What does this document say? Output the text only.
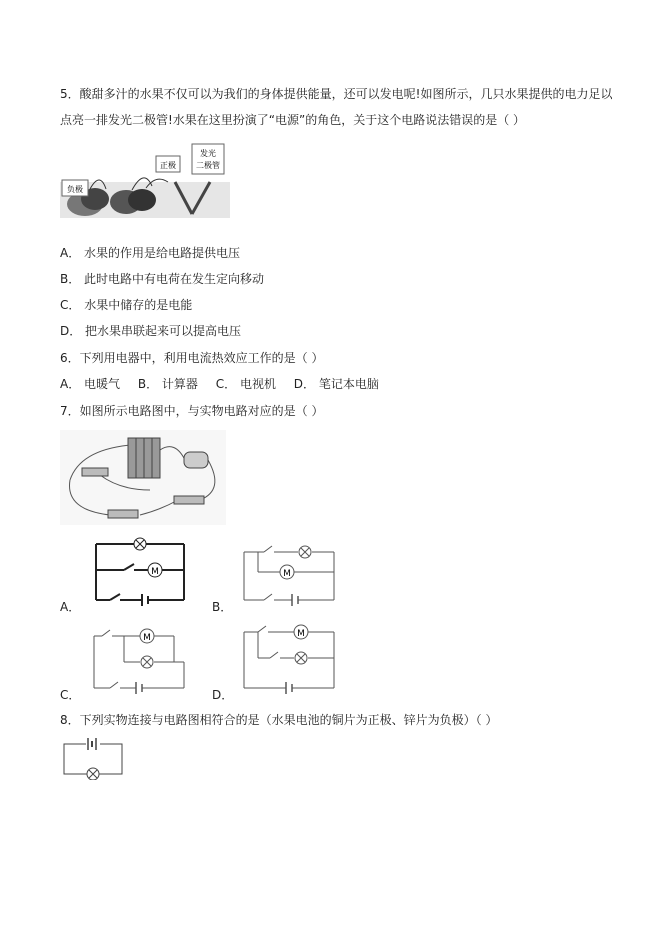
5．酸甜多汁的水果不仅可以为我们的身体提供能量，还可以发电呢!如图所示，几只水果提供的电力足以
点亮一排发光二极管!水果在这里扮演了“电源”的角色，关于这个电路说法错误的是（ ）
负极
正极
发光
二极管
A． 水果的作用是给电路提供电压
B． 此时电路中有电荷在发生定向移动
C． 水果中储存的是电能
D． 把水果串联起来可以提高电压
6．下列用电器中，利用电流热效应工作的是（ ）
A． 电暖气 B． 计算器 C． 电视机 D． 笔记本电脑
7．如图所示电路图中，与实物电路对应的是（ ）
M
A．
M
B．
M
C．
M
D．
8．下列实物连接与电路图相符合的是（水果电池的铜片为正极、锌片为负极）（ ）
